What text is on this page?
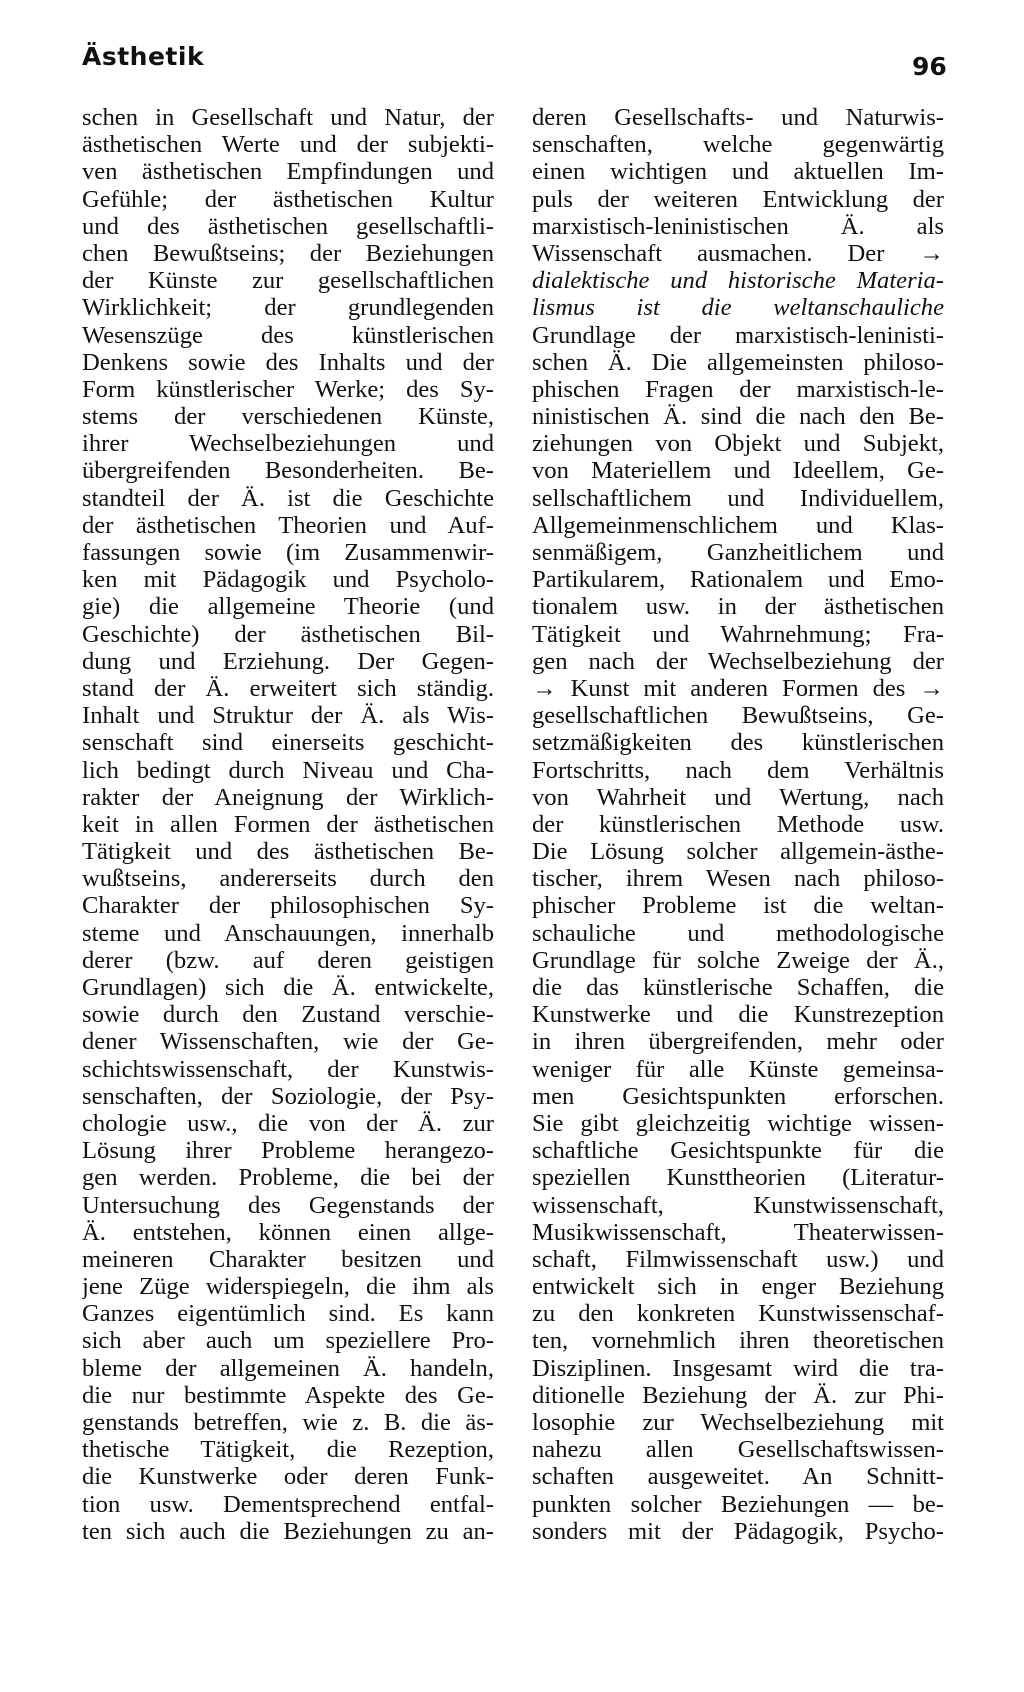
Ästhetik	96
schen in Gesellschaft und Natur, der
ästhetischen Werte und der subjekti-
ven ästhetischen Empfindungen und
Gefühle; der ästhetischen Kultur
und des ästhetischen gesellschaftli-
chen Bewußtseins; der Beziehungen
der Künste zur gesellschaftlichen
Wirklichkeit; der grundlegenden
Wesenszüge des künstlerischen
Denkens sowie des Inhalts und der
Form künstlerischer Werke; des Sy-
stems der verschiedenen Künste,
ihrer Wechselbeziehungen und
übergreifenden Besonderheiten. Be-
standteil der Ä. ist die Geschichte
der ästhetischen Theorien und Auf-
fassungen sowie (im Zusammenwir-
ken mit Pädagogik und Psycholo-
gie) die allgemeine Theorie (und
Geschichte) der ästhetischen Bil-
dung und Erziehung. Der Gegen-
stand der Ä. erweitert sich ständig.
Inhalt und Struktur der Ä. als Wis-
senschaft sind einerseits geschicht-
lich bedingt durch Niveau und Cha-
rakter der Aneignung der Wirklich-
keit in allen Formen der ästhetischen
Tätigkeit und des ästhetischen Be-
wußtseins, andererseits durch den
Charakter der philosophischen Sy-
steme und Anschauungen, innerhalb
derer (bzw. auf deren geistigen
Grundlagen) sich die Ä. entwickelte,
sowie durch den Zustand verschie-
dener Wissenschaften, wie der Ge-
schichtswissenschaft, der Kunstwis-
senschaften, der Soziologie, der Psy-
chologie usw., die von der Ä. zur
Lösung ihrer Probleme herangezo-
gen werden. Probleme, die bei der
Untersuchung des Gegenstands der
Ä. entstehen, können einen allge-
meineren Charakter besitzen und
jene Züge widerspiegeln, die ihm als
Ganzes eigentümlich sind. Es kann
sich aber auch um speziellere Pro-
bleme der allgemeinen Ä. handeln,
die nur bestimmte Aspekte des Ge-
genstands betreffen, wie z. B. die äs-
thetische Tätigkeit, die Rezeption,
die Kunstwerke oder deren Funk-
tion usw. Dementsprechend entfal-
ten sich auch die Beziehungen zu an-
deren Gesellschafts- und Naturwis-
senschaften, welche gegenwärtig
einen wichtigen und aktuellen Im-
puls der weiteren Entwicklung der
marxistisch-leninistischen Ä. als
Wissenschaft ausmachen. Der →
dialektische und historische Materia-
lismus ist die weltanschauliche
Grundlage der marxistisch-leninisti-
schen Ä. Die allgemeinsten philoso-
phischen Fragen der marxistisch-le-
ninistischen Ä. sind die nach den Be-
ziehungen von Objekt und Subjekt,
von Materiellem und Ideellem, Ge-
sellschaftlichem und Individuellem,
Allgemeinmenschlichem und Klas-
senmäßigem, Ganzheitlichem und
Partikularem, Rationalem und Emo-
tionalem usw. in der ästhetischen
Tätigkeit und Wahrnehmung; Fra-
gen nach der Wechselbeziehung der
→ Kunst mit anderen Formen des →
gesellschaftlichen Bewußtseins, Ge-
setzmäßigkeiten des künstlerischen
Fortschritts, nach dem Verhältnis
von Wahrheit und Wertung, nach
der künstlerischen Methode usw.
Die Lösung solcher allgemein-ästhe-
tischer, ihrem Wesen nach philoso-
phischer Probleme ist die weltan-
schauliche und methodologische
Grundlage für solche Zweige der Ä.,
die das künstlerische Schaffen, die
Kunstwerke und die Kunstrezeption
in ihren übergreifenden, mehr oder
weniger für alle Künste gemeinsa-
men Gesichtspunkten erforschen.
Sie gibt gleichzeitig wichtige wissen-
schaftliche Gesichtspunkte für die
speziellen Kunsttheorien (Literatur-
wissenschaft, Kunstwissenschaft,
Musikwissenschaft, Theaterwissen-
schaft, Filmwissenschaft usw.) und
entwickelt sich in enger Beziehung
zu den konkreten Kunstwissenschaf-
ten, vornehmlich ihren theoretischen
Disziplinen. Insgesamt wird die tra-
ditionelle Beziehung der Ä. zur Phi-
losophie zur Wechselbeziehung mit
nahezu allen Gesellschaftswissen-
schaften ausgeweitet. An Schnitt-
punkten solcher Beziehungen — be-
sonders mit der Pädagogik, Psycho-
